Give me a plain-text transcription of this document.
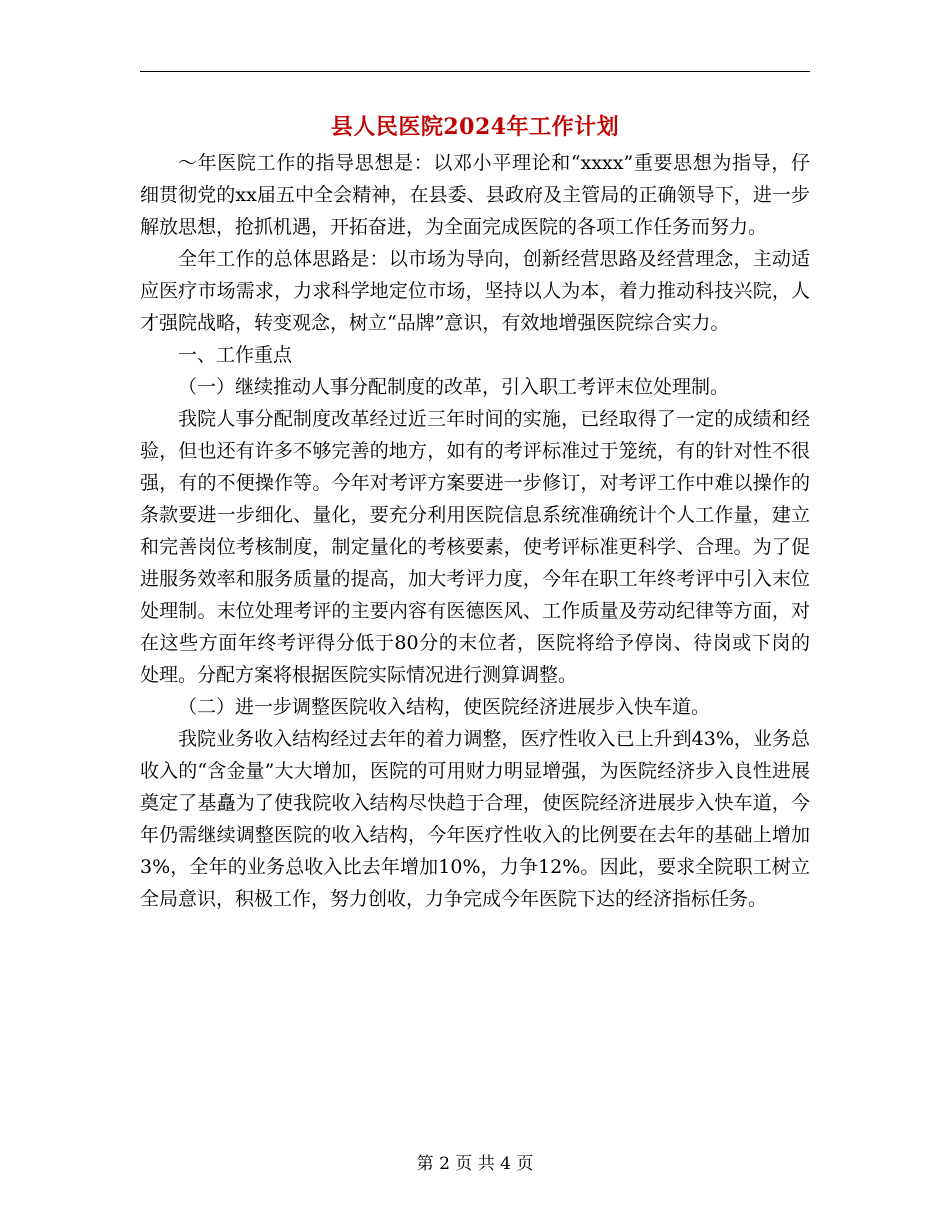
县人民医院2024年工作计划

～年医院工作的指导思想是：以邓小平理论和“xxxx”重要思想为指导，仔细贯彻党的xx届五中全会精神，在县委、县政府及主管局的正确领导下，进一步解放思想，抢抓机遇，开拓奋进，为全面完成医院的各项工作任务而努力。

全年工作的总体思路是：以市场为导向，创新经营思路及经营理念，主动适应医疗市场需求，力求科学地定位市场，坚持以人为本，着力推动科技兴院，人才强院战略，转变观念，树立“品牌”意识，有效地增强医院综合实力。

一、工作重点

（一）继续推动人事分配制度的改革，引入职工考评末位处理制。

我院人事分配制度改革经过近三年时间的实施，已经取得了一定的成绩和经验，但也还有许多不够完善的地方，如有的考评标准过于笼统，有的针对性不很强，有的不便操作等。今年对考评方案要进一步修订，对考评工作中难以操作的条款要进一步细化、量化，要充分利用医院信息系统准确统计个人工作量，建立和完善岗位考核制度，制定量化的考核要素，使考评标准更科学、合理。为了促进服务效率和服务质量的提高，加大考评力度，今年在职工年终考评中引入末位处理制。末位处理考评的主要内容有医德医风、工作质量及劳动纪律等方面，对在这些方面年终考评得分低于80分的末位者，医院将给予停岗、待岗或下岗的处理。分配方案将根据医院实际情况进行测算调整。

（二）进一步调整医院收入结构，使医院经济进展步入快车道。

我院业务收入结构经过去年的着力调整，医疗性收入已上升到43%，业务总收入的“含金量”大大增加，医院的可用财力明显增强，为医院经济步入良性进展奠定了基矗为了使我院收入结构尽快趋于合理，使医院经济进展步入快车道，今年仍需继续调整医院的收入结构，今年医疗性收入的比例要在去年的基础上增加3%，全年的业务总收入比去年增加10%，力争12%。因此，要求全院职工树立全局意识，积极工作，努力创收，力争完成今年医院下达的经济指标任务。

第 2 页 共 4 页
